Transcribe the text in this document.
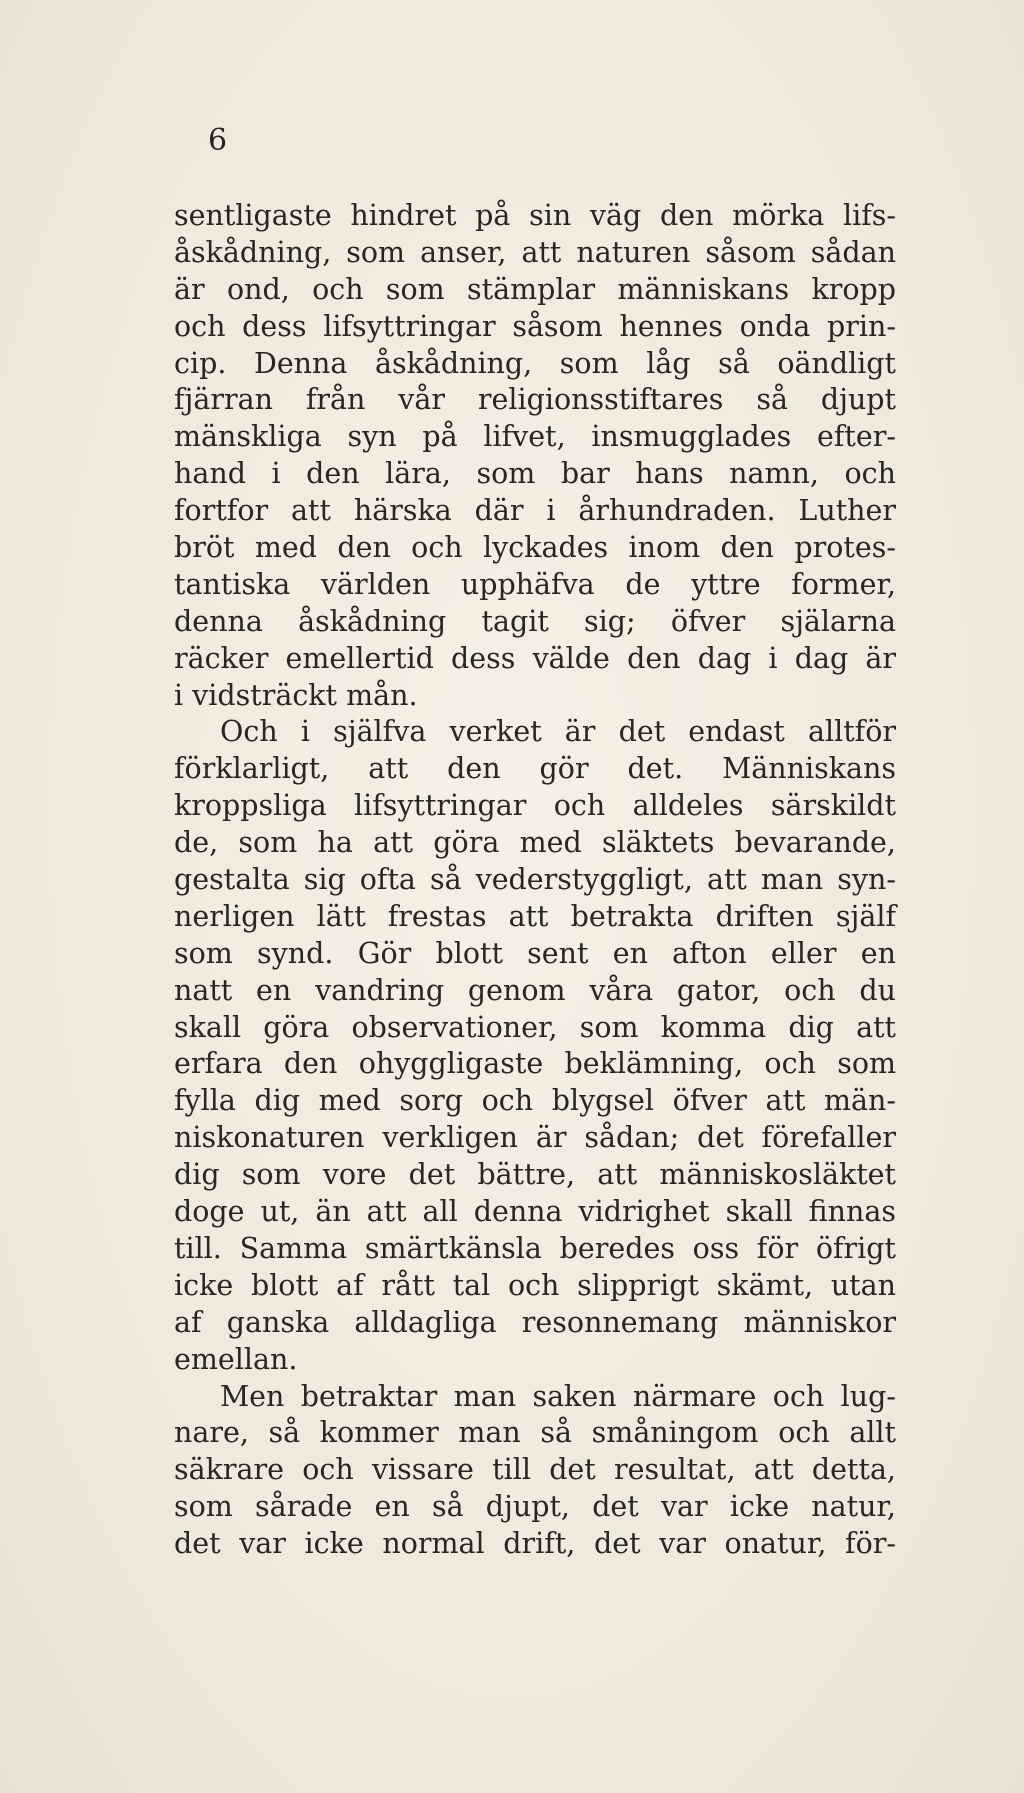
6
sentligaste hindret på sin väg den mörka lifs-
åskådning, som anser, att naturen såsom sådan
är ond, och som stämplar människans kropp
och dess lifsyttringar såsom hennes onda prin-
cip. Denna åskådning, som låg så oändligt
fjärran från vår religionsstiftares så djupt
mänskliga syn på lifvet, insmugglades efter-
hand i den lära, som bar hans namn, och
fortfor att härska där i århundraden. Luther
bröt med den och lyckades inom den protes-
tantiska världen upphäfva de yttre former,
denna åskådning tagit sig; öfver själarna
räcker emellertid dess välde den dag i dag är
i vidsträckt mån.
Och i själfva verket är det endast alltför
förklarligt, att den gör det. Människans
kroppsliga lifsyttringar och alldeles särskildt
de, som ha att göra med släktets bevarande,
gestalta sig ofta så vederstyggligt, att man syn-
nerligen lätt frestas att betrakta driften själf
som synd. Gör blott sent en afton eller en
natt en vandring genom våra gator, och du
skall göra observationer, som komma dig att
erfara den ohyggligaste beklämning, och som
fylla dig med sorg och blygsel öfver att män-
niskonaturen verkligen är sådan; det förefaller
dig som vore det bättre, att människosläktet
doge ut, än att all denna vidrighet skall finnas
till. Samma smärtkänsla beredes oss för öfrigt
icke blott af rått tal och slipprigt skämt, utan
af ganska alldagliga resonnemang människor
emellan.
Men betraktar man saken närmare och lug-
nare, så kommer man så småningom och allt
säkrare och vissare till det resultat, att detta,
som sårade en så djupt, det var icke natur,
det var icke normal drift, det var onatur, för-
